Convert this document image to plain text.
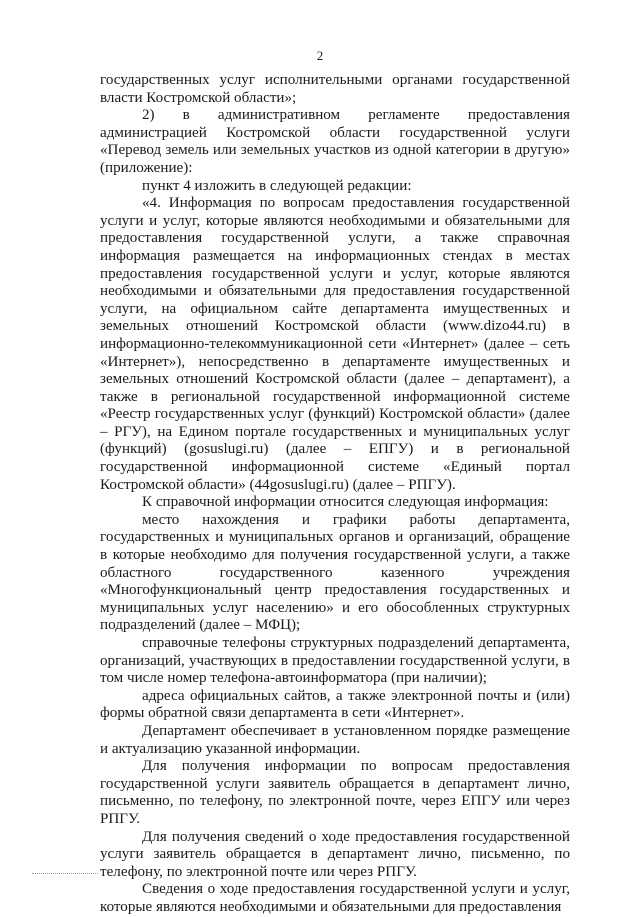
2

государственных услуг исполнительными органами государственной власти Костромской области»;

2) в административном регламенте предоставления администрацией Костромской области государственной услуги «Перевод земель или земельных участков из одной категории в другую» (приложение):

пункт 4 изложить в следующей редакции:

«4. Информация по вопросам предоставления государственной услуги и услуг, которые являются необходимыми и обязательными для предоставления государственной услуги, а также справочная информация размещается на информационных стендах в местах предоставления государственной услуги и услуг, которые являются необходимыми и обязательными для предоставления государственной услуги, на официальном сайте департамента имущественных и земельных отношений Костромской области (www.dizo44.ru) в информационно-телекоммуникационной сети «Интернет» (далее – сеть «Интернет»), непосредственно в департаменте имущественных и земельных отношений Костромской области (далее – департамент), а также в региональной государственной информационной системе «Реестр государственных услуг (функций) Костромской области» (далее – РГУ), на Едином портале государственных и муниципальных услуг (функций) (gosuslugi.ru) (далее – ЕПГУ) и в региональной государственной информационной системе «Единый портал Костромской области» (44gosuslugi.ru) (далее – РПГУ).

К справочной информации относится следующая информация:

место нахождения и графики работы департамента, государственных и муниципальных органов и организаций, обращение в которые необходимо для получения государственной услуги, а также областного государственного казенного учреждения «Многофункциональный центр предоставления государственных и муниципальных услуг населению» и его обособленных структурных подразделений (далее – МФЦ);

справочные телефоны структурных подразделений департамента, организаций, участвующих в предоставлении государственной услуги, в том числе номер телефона-автоинформатора (при наличии);

адреса официальных сайтов, а также электронной почты и (или) формы обратной связи департамента в сети «Интернет».

Департамент обеспечивает в установленном порядке размещение и актуализацию указанной информации.

Для получения информации по вопросам предоставления государственной услуги заявитель обращается в департамент лично, письменно, по телефону, по электронной почте, через ЕПГУ или через РПГУ.

Для получения сведений о ходе предоставления государственной услуги заявитель обращается в департамент лично, письменно, по телефону, по электронной почте или через РПГУ.

Сведения о ходе предоставления государственной услуги и услуг, которые являются необходимыми и обязательными для предоставления
